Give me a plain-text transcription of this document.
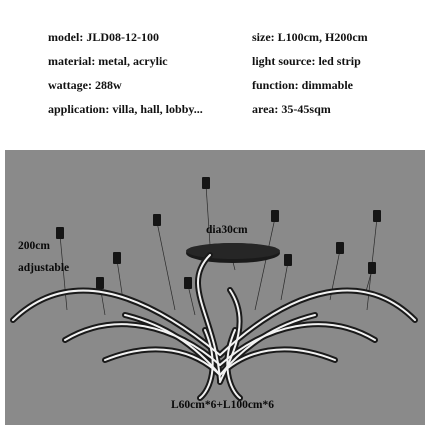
model: JLD08-12-100	size: L100cm, H200cm
material: metal, acrylic	light source: led strip
wattage: 288w	function: dimmable
application: villa, hall, lobby...	area: 35-45sqm
200cm
adjustable
dia30cm
L60cm*6+L100cm*6
